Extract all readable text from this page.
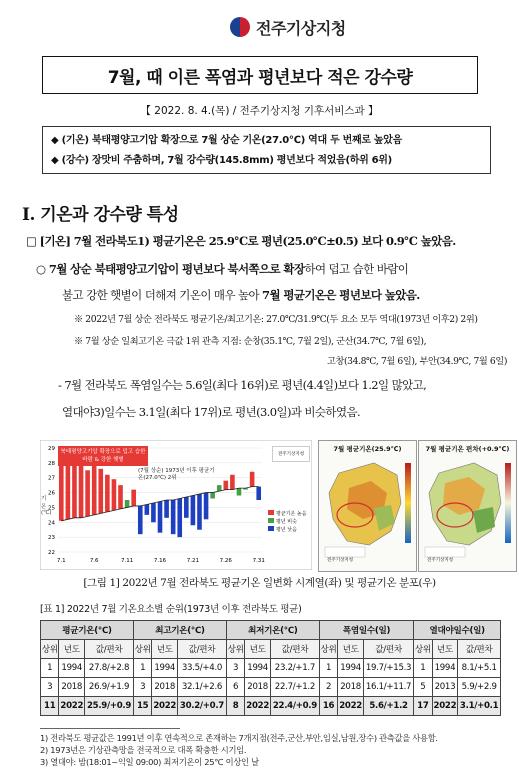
전주기상지청
7월, 때 이른 폭염과 평년보다 적은 강수량
【 2022. 8. 4.(목) / 전주기상지청 기후서비스과 】
◆ (기온) 북태평양고기압 확장으로 7월 상순 기온(27.0℃) 역대 두 번째로 높았음
◆ (강수) 장맛비 주춤하며, 7월 강수량(145.8mm) 평년보다 적었음(하위 6위)
Ⅰ. 기온과 강수량 특성
□ [기온] 7월 전라북도1) 평균기온은 25.9℃로 평년(25.0℃±0.5) 보다 0.9℃ 높았음.
○ 7월 상순 북태평양고기압이 평년보다 북서쪽으로 확장하여 덥고 습한 바람이
불고 강한 햇볕이 더해져 기온이 매우 높아 7월 평균기온은 평년보다 높았음.
※ 2022년 7월 상순 전라북도 평균기온/최고기온: 27.0℃/31.9℃(두 요소 모두 역대(1973년 이후2) 2위)
※ 7월 상순 일최고기온 극값 1위 관측 지점: 순창(35.1℃, 7월 2일), 군산(34.7℃, 7월 6일),
고창(34.8℃, 7월 6일), 부안(34.9℃, 7월 6일)
- 7월 전라북도 폭염일수는 5.6일(최다 16위)로 평년(4.4일)보다 1.2일 많았고,
열대야3)일수는 3.1일(최다 17위)로 평년(3.0일)과 비슷하였음.
22
23
24
25
26
27
28
29
7.1	7.6	7.11	7.16	7.21	7.26	7.31
북태평양고기압 확장으로 덥고 습한 바람 & 강한 햇볕
(7월 상순) 1973년 이후 평균기온(27.0℃) 2위
기온 (℃)	평균기온 높음
평년 비슷
평년 낮음
전주기상지청
7월 평균기온(25.9℃)
전주기상지청
7월 평균기온 편차(+0.9℃)
전주기상지청
[그림 1] 2022년 7월 전라북도 평균기온 일변화 시계열(좌) 및 평균기온 분포(우)
[표 1] 2022년 7월 기온요소별 순위(1973년 이후 전라북도 평균)
평균기온(℃)			최고기온(℃)			최저기온(℃)			폭염일수(일)			열대야일수(일)		
상위	년도	값/편차	상위	년도	값/편차	상위	년도	값/편차	상위	년도	값/편차	상위	년도	값/편차
1	1994	27.8/+2.8	1	1994	33.5/+4.0	3	1994	23.2/+1.7	1	1994	19.7/+15.3	1	1994	8.1/+5.1
3	2018	26.9/+1.9	3	2018	32.1/+2.6	6	2018	22.7/+1.2	2	2018	16.1/+11.7	5	2013	5.9/+2.9
11	2022	25.9/+0.9	15	2022	30.2/+0.7	8	2022	22.4/+0.9	16	2022	5.6/+1.2	17	2022	3.1/+0.1
1) 전라북도 평균값은 1991년 이후 연속적으로 존재하는 7개지점(전주,군산,부안,임실,남원,장수) 관측값을 사용함.
2) 1973년은 기상관측망을 전국적으로 대폭 확충한 시기임.
3) 열대야: 밤(18:01~익일 09:00) 최저기온이 25℃ 이상인 날
